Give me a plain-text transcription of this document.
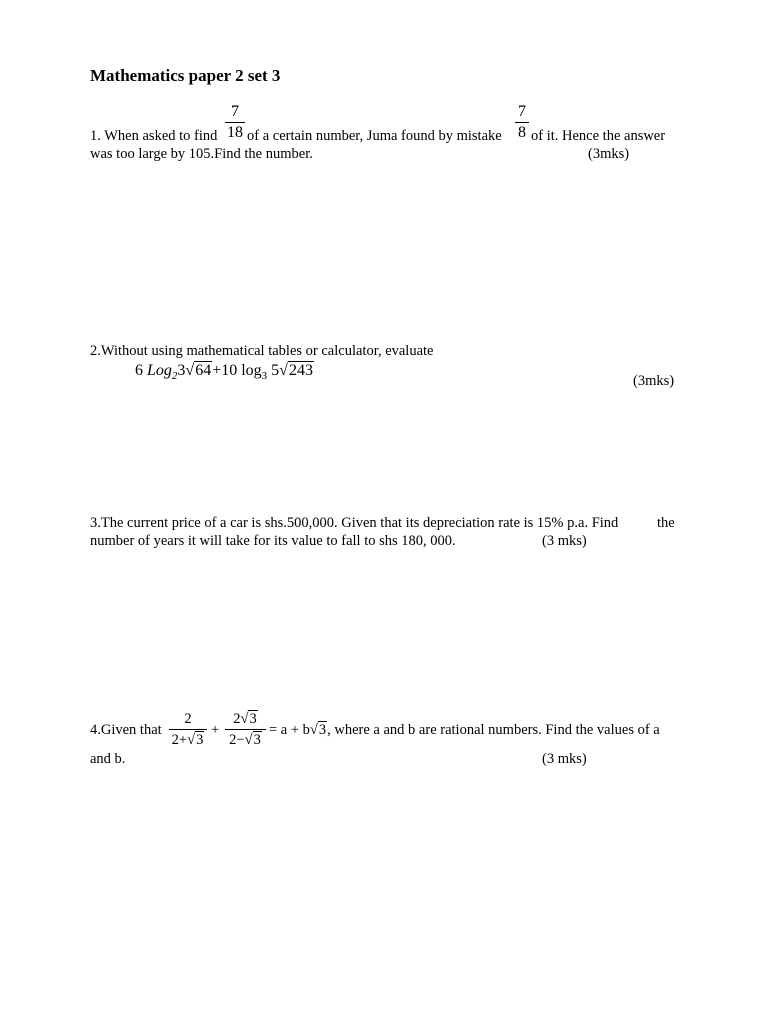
Mathematics paper 2 set 3
7
18
7
8
1. When asked to find of a certain number, Juma found by mistake of it. Hence the answer
was too large by 105.Find the number.	(3mks)
2.Without using mathematical tables or calculator, evaluate
6 Log$_2$3√64+10 $\log_3 5√243$
(3mks)
3.The current price of a car is shs.500,000. Given that its depreciation rate is 15% p.a. Find	the
number of years it will take for its value to fall to shs 180, 000.	(3 mks)
4.Given that
2
2+√3
+
2√3
2−√3
= a + b√3, where a and b are rational numbers. Find the values of a
and b.	(3 mks)
